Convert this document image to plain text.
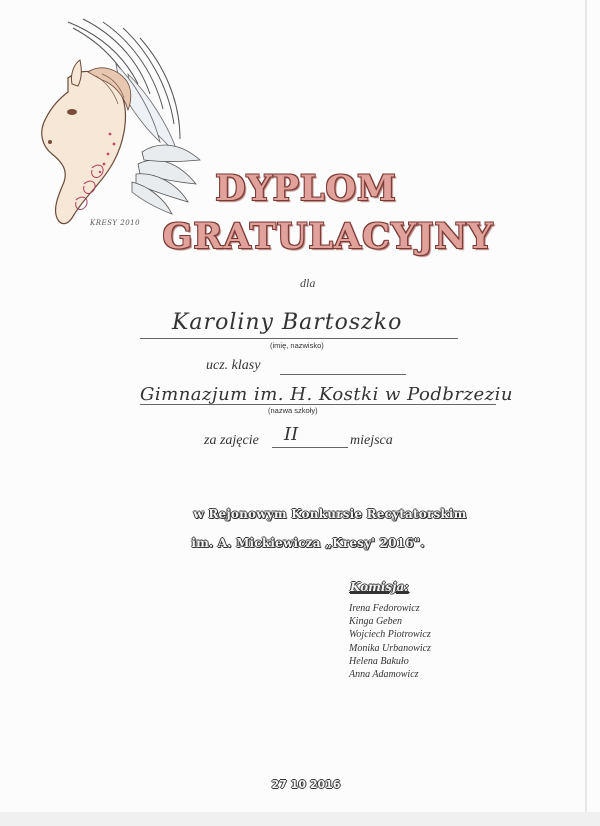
KRESY 2010
DYPLOM
GRATULACYJNY
dla
Karoliny Bartoszko
(imię, nazwisko)
ucz. klasy
Gimnazjum im. H. Kostki w Podbrzeziu
(nazwa szkoły)
za zajęcie II	miejsca
w Rejonowym Konkursie Recytatorskim
im. A. Mickiewicza „Kresy' 2016".
Komisja:
Irena Fedorowicz
Kinga Geben
Wojciech Piotrowicz
Monika Urbanowicz
Helena Bakuło
Anna Adamowicz
27 10 2016
